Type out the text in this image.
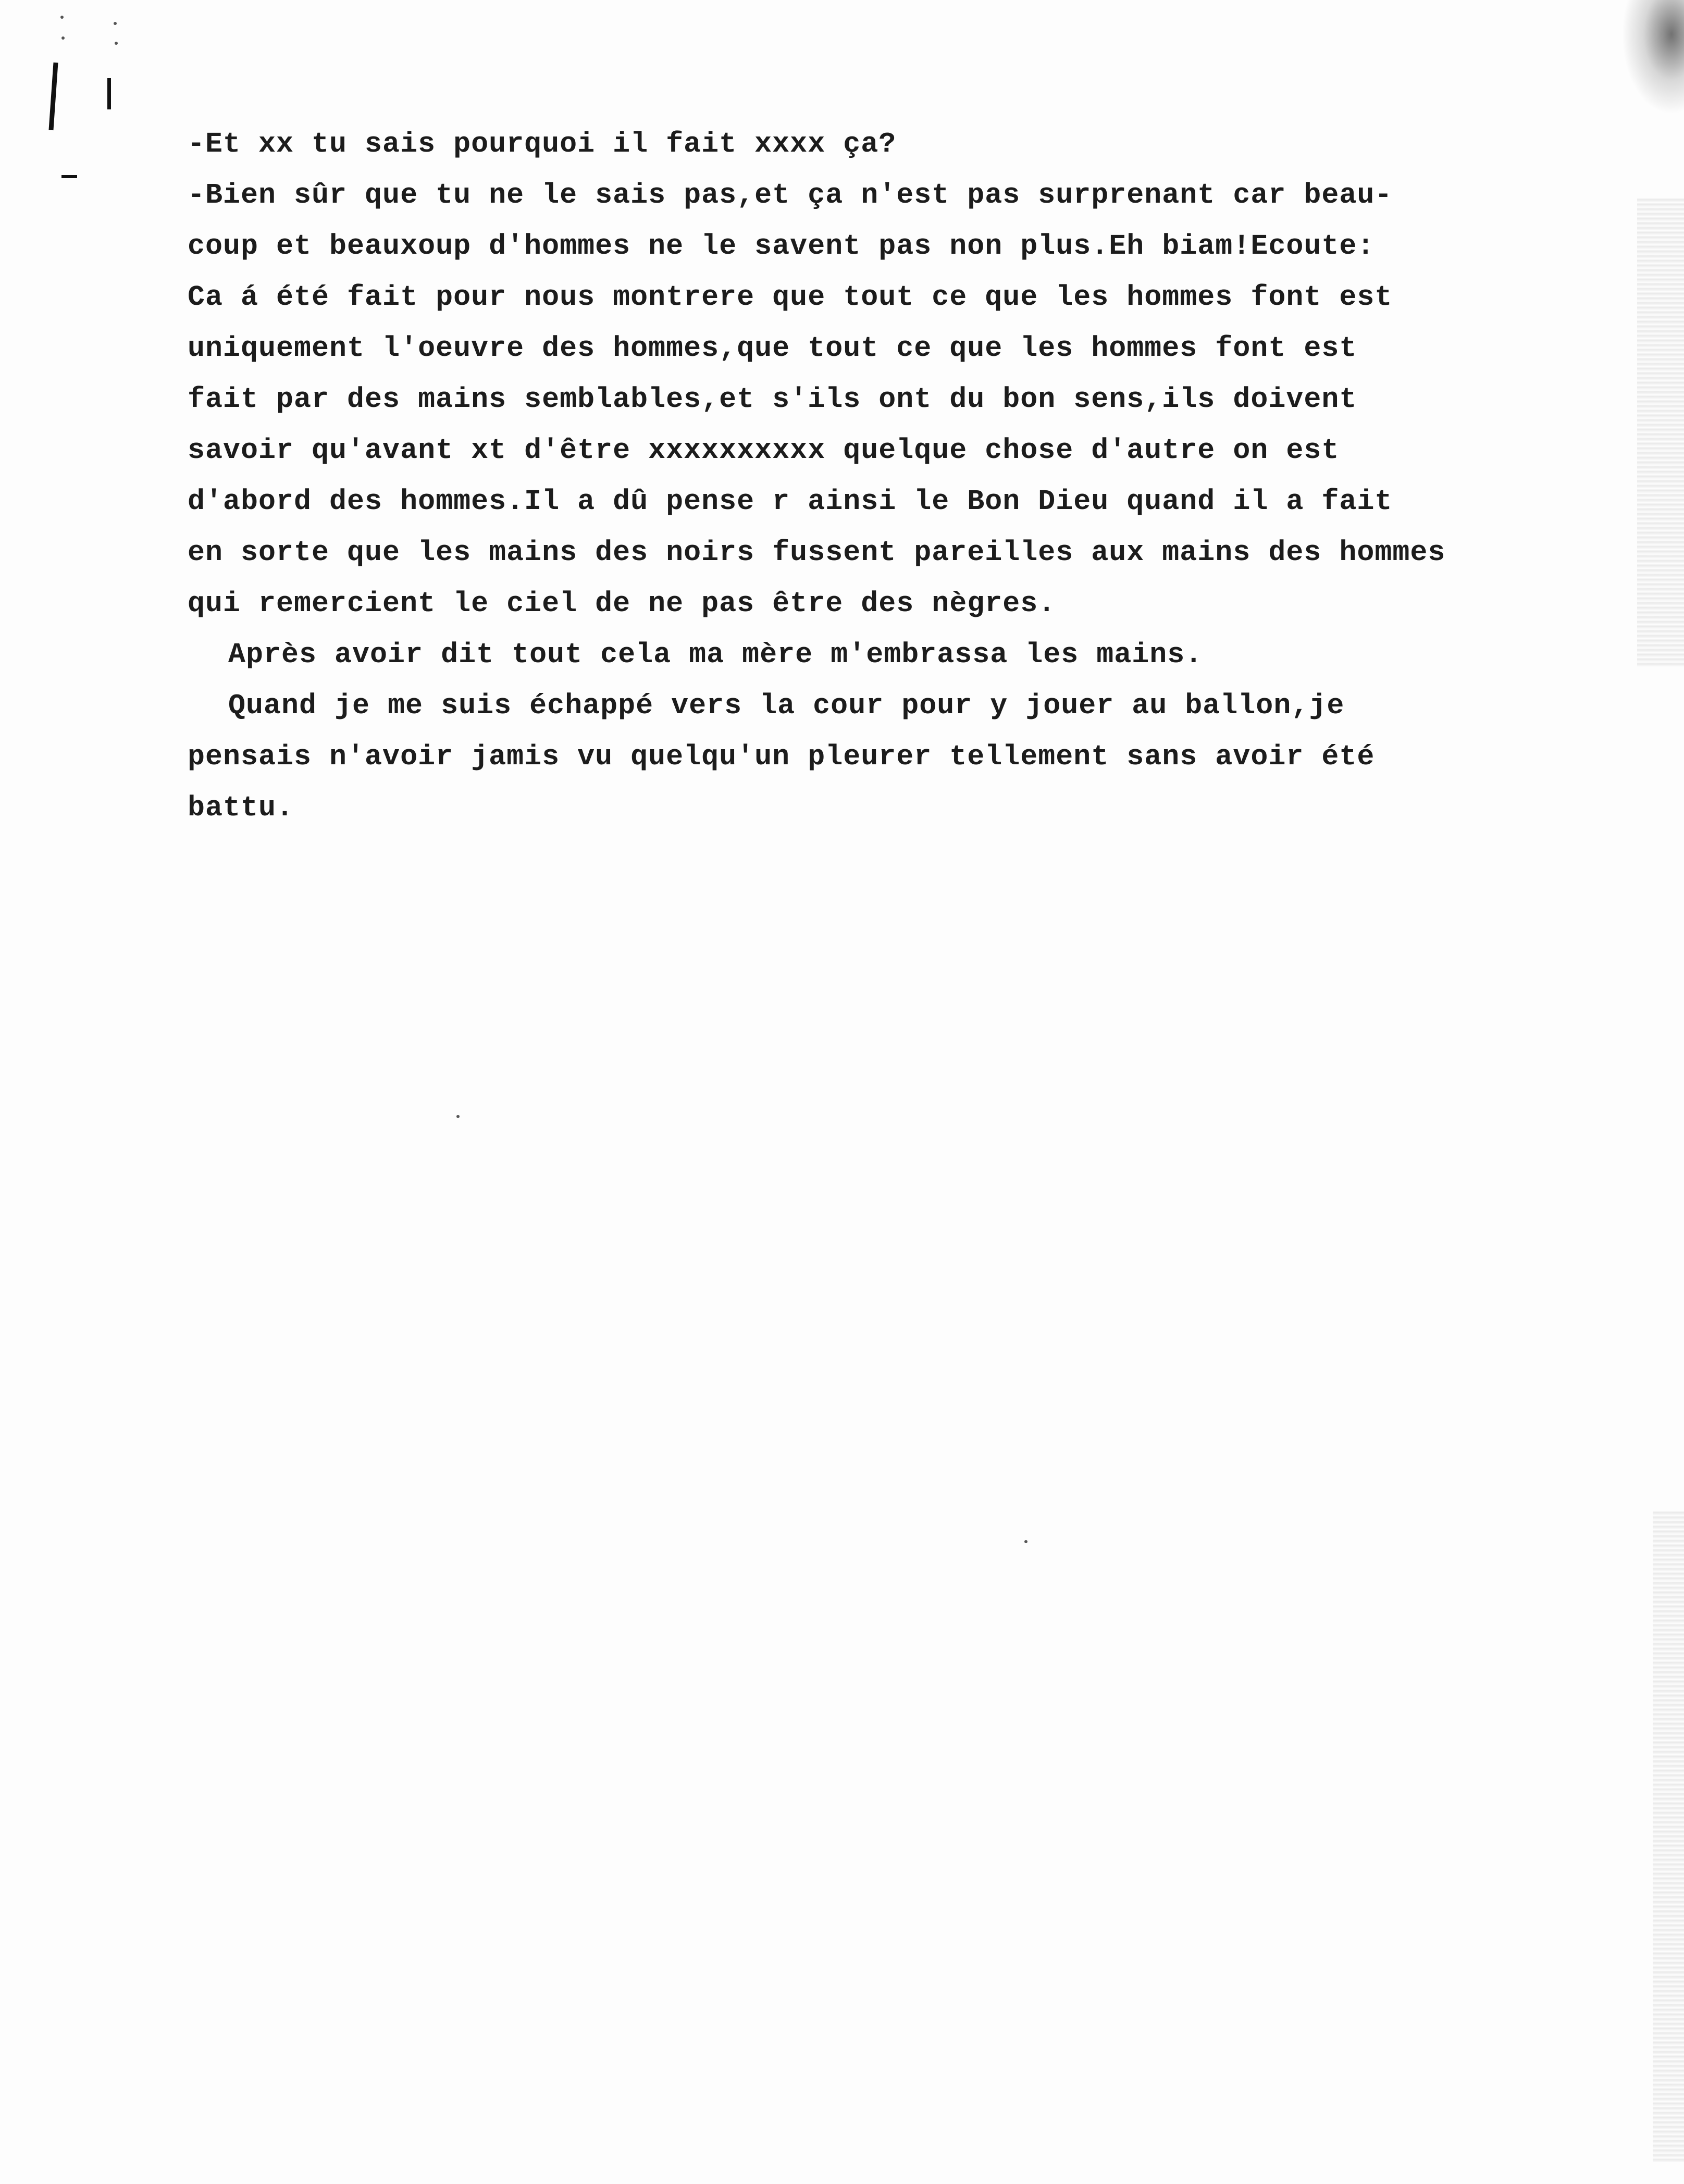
-Et xx tu sais pourquoi il fait xxxx ça?
-Bien sûr que tu ne le sais pas,et ça n'est pas surprenant car beau-
coup et beauxoup d'hommes ne le savent pas non plus.Eh biam!Ecoute:
Ca á été fait pour nous montrere que tout ce que les hommes font est
uniquement l'oeuvre des hommes,que tout ce que les hommes font est
fait par des mains semblables,et s'ils ont du bon sens,ils doivent
savoir qu'avant xt d'être xxxxxxxxxx quelque chose d'autre on est
d'abord des hommes.Il a dû pense r ainsi le Bon Dieu quand il a fait
en sorte que les mains des noirs fussent pareilles aux mains des hommes
qui remercient le ciel de ne pas être des nègres.
Après avoir dit tout cela ma mère m'embrassa les mains.
Quand je me suis échappé vers la cour pour y jouer au ballon,je
pensais n'avoir jamis vu quelqu'un pleurer tellement sans avoir été
battu.
